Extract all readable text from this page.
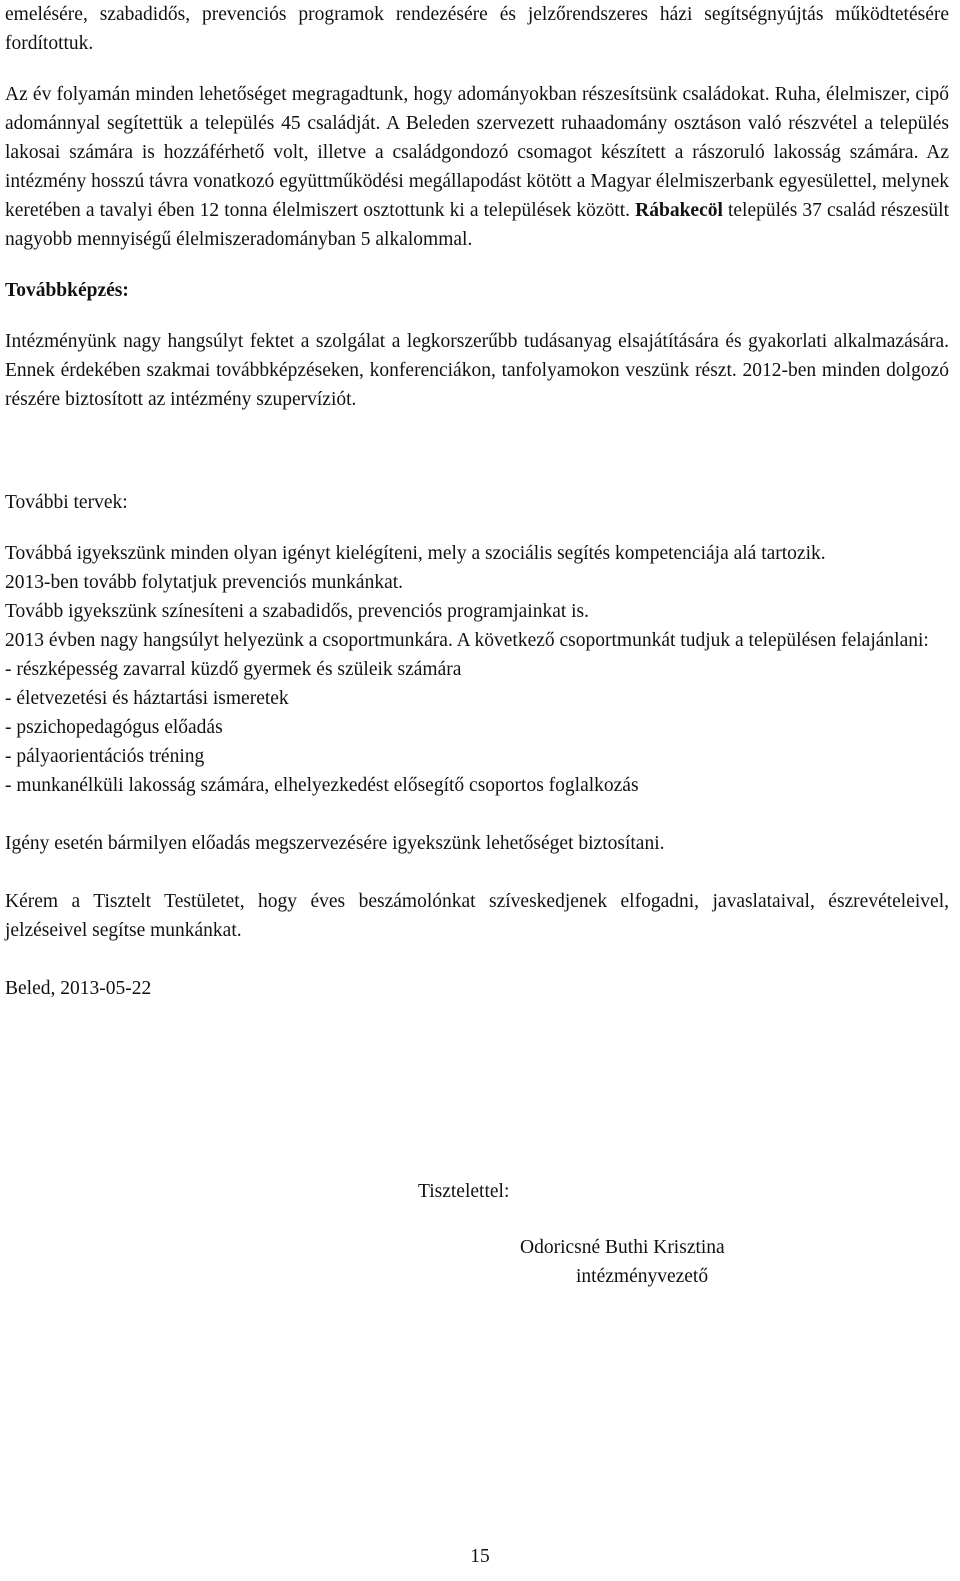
emelésére, szabadidős, prevenciós programok rendezésére és jelzőrendszeres házi segítségnyújtás működtetésére fordítottuk.

Az év folyamán minden lehetőséget megragadtunk, hogy adományokban részesítsünk családokat. Ruha, élelmiszer, cipő adománnyal segítettük a település 45 családját. A Beleden szervezett ruhaadomány osztáson való részvétel a település lakosai számára is hozzáférhető volt, illetve a családgondozó csomagot készített a rászoruló lakosság számára. Az intézmény hosszú távra vonatkozó együttműködési megállapodást kötött a Magyar élelmiszerbank egyesülettel, melynek keretében a tavalyi ében 12 tonna élelmiszert osztottunk ki a települések között. Rábakecöl település 37 család részesült nagyobb mennyiségű élelmiszeradományban 5 alkalommal.

Továbbképzés:

Intézményünk nagy hangsúlyt fektet a szolgálat a legkorszerűbb tudásanyag elsajátítására és gyakorlati alkalmazására. Ennek érdekében szakmai továbbképzéseken, konferenciákon, tanfolyamokon veszünk részt. 2012-ben minden dolgozó részére biztosított az intézmény szupervíziót.

További tervek:

Továbbá igyekszünk minden olyan igényt kielégíteni, mely a szociális segítés kompetenciája alá tartozik.

2013-ben tovább folytatjuk prevenciós munkánkat.

Tovább igyekszünk színesíteni a szabadidős, prevenciós programjainkat is.

2013 évben nagy hangsúlyt helyezünk a csoportmunkára. A következő csoportmunkát tudjuk a településen felajánlani:

- részképesség zavarral küzdő gyermek és szüleik számára

- életvezetési és háztartási ismeretek

- pszichopedagógus előadás

- pályaorientációs tréning

- munkanélküli lakosság számára, elhelyezkedést elősegítő csoportos foglalkozás

Igény esetén bármilyen előadás megszervezésére igyekszünk lehetőséget biztosítani.

Kérem a Tisztelt Testületet, hogy éves beszámolónkat szíveskedjenek elfogadni, javaslataival, észrevételeivel, jelzéseivel segítse munkánkat.

Beled, 2013-05-22

Tisztelettel:
Odoricsné Buthi Krisztina
intézményvezető
15
